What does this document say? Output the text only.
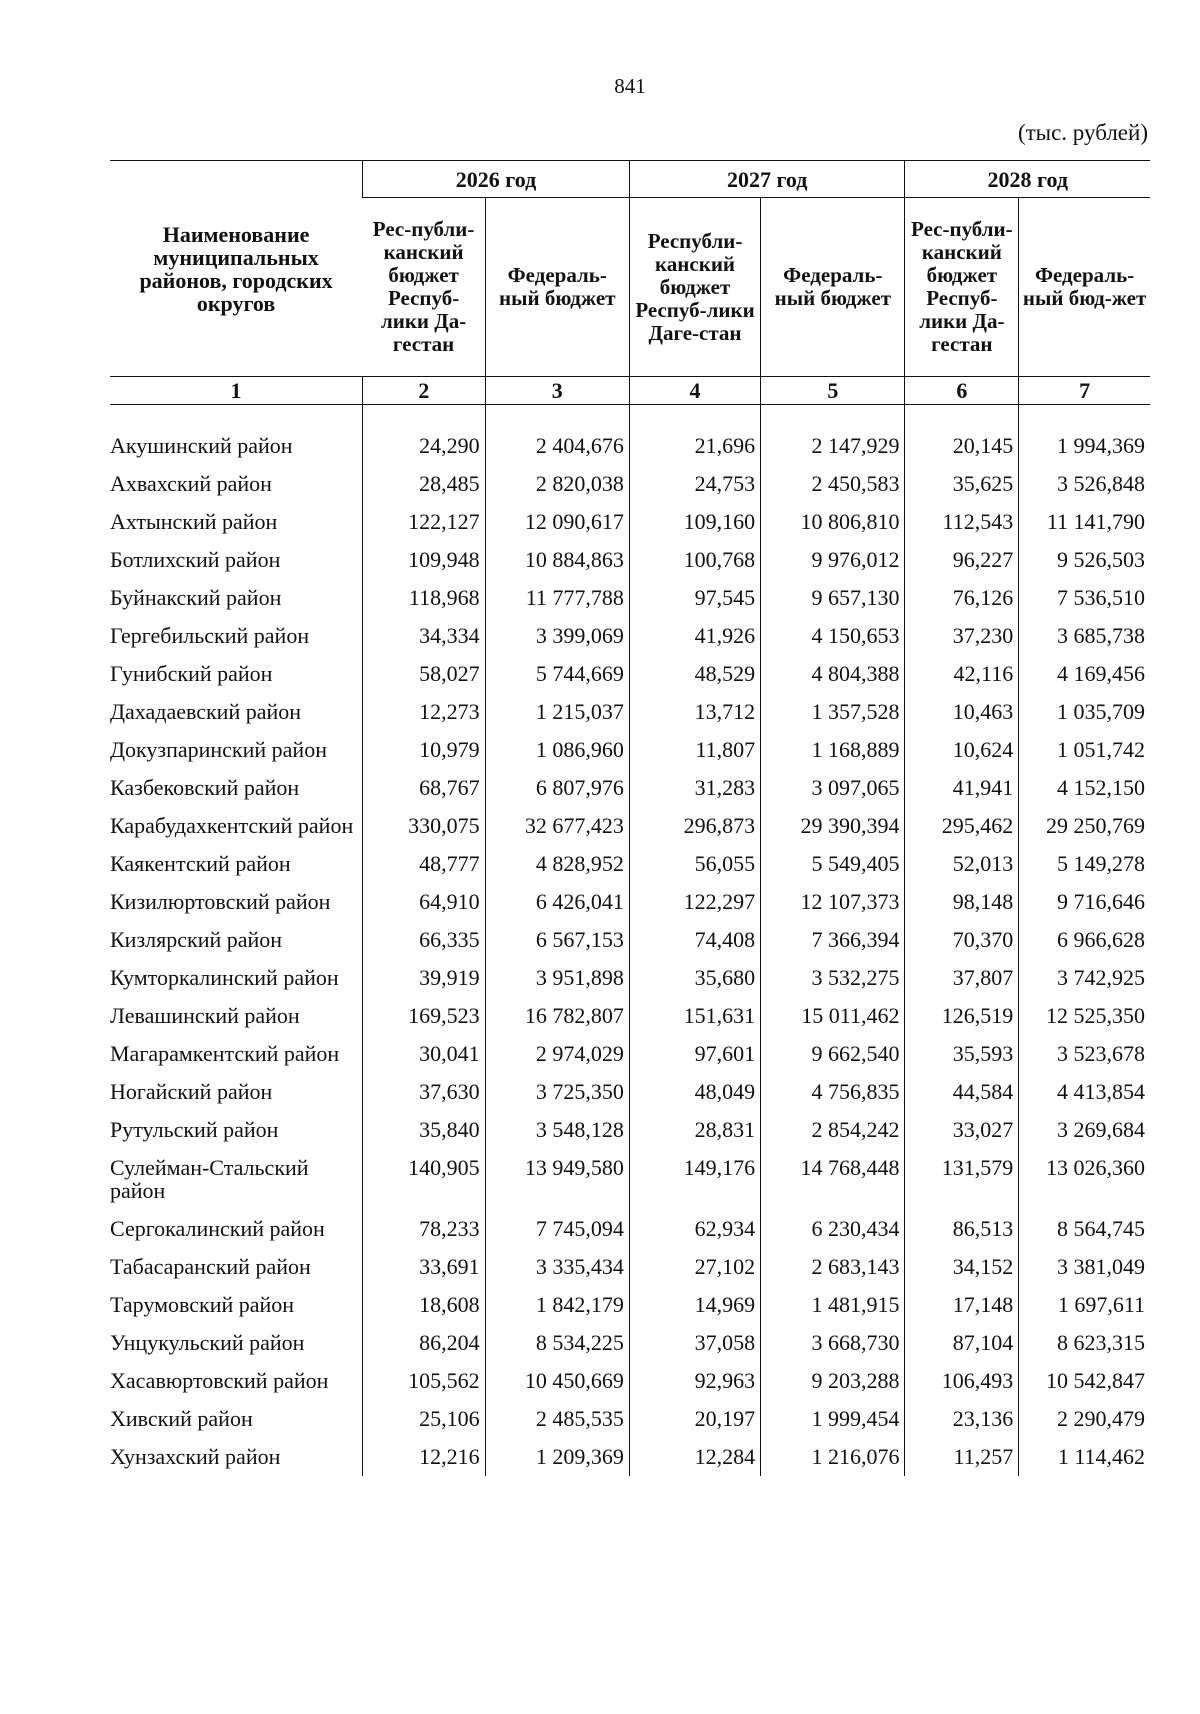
841
(тыс. рублей)
Наименование муниципальных районов, городских округов	2026 год		2027 год		2028 год	
	Рес-публи-канский бюджет Респуб-лики Да-гестан	Федераль-ный бюджет	Республи-канский бюджет Респуб-лики Даге-стан	Федераль-ный бюджет	Рес-публи-канский бюджет Респуб-лики Да-гестан	Федераль-ный бюд-жет
1	2	3	4	5	6	7

Акушинский район	24,290	2 404,676	21,696	2 147,929	20,145	1 994,369
Ахвахский район	28,485	2 820,038	24,753	2 450,583	35,625	3 526,848
Ахтынский район	122,127	12 090,617	109,160	10 806,810	112,543	11 141,790
Ботлихский район	109,948	10 884,863	100,768	9 976,012	96,227	9 526,503
Буйнакский район	118,968	11 777,788	97,545	9 657,130	76,126	7 536,510
Гергебильский район	34,334	3 399,069	41,926	4 150,653	37,230	3 685,738
Гунибский район	58,027	5 744,669	48,529	4 804,388	42,116	4 169,456
Дахадаевский район	12,273	1 215,037	13,712	1 357,528	10,463	1 035,709
Докузпаринский район	10,979	1 086,960	11,807	1 168,889	10,624	1 051,742
Казбековский район	68,767	6 807,976	31,283	3 097,065	41,941	4 152,150
Карабудахкентский район	330,075	32 677,423	296,873	29 390,394	295,462	29 250,769
Каякентский район	48,777	4 828,952	56,055	5 549,405	52,013	5 149,278
Кизилюртовский район	64,910	6 426,041	122,297	12 107,373	98,148	9 716,646
Кизлярский район	66,335	6 567,153	74,408	7 366,394	70,370	6 966,628
Кумторкалинский район	39,919	3 951,898	35,680	3 532,275	37,807	3 742,925
Левашинский район	169,523	16 782,807	151,631	15 011,462	126,519	12 525,350
Магарамкентский район	30,041	2 974,029	97,601	9 662,540	35,593	3 523,678
Ногайский район	37,630	3 725,350	48,049	4 756,835	44,584	4 413,854
Рутульский район	35,840	3 548,128	28,831	2 854,242	33,027	3 269,684
Сулейман-Стальский район	140,905	13 949,580	149,176	14 768,448	131,579	13 026,360
Сергокалинский район	78,233	7 745,094	62,934	6 230,434	86,513	8 564,745
Табасаранский район	33,691	3 335,434	27,102	2 683,143	34,152	3 381,049
Тарумовский район	18,608	1 842,179	14,969	1 481,915	17,148	1 697,611
Унцукульский район	86,204	8 534,225	37,058	3 668,730	87,104	8 623,315
Хасавюртовский район	105,562	10 450,669	92,963	9 203,288	106,493	10 542,847
Хивский район	25,106	2 485,535	20,197	1 999,454	23,136	2 290,479
Хунзахский район	12,216	1 209,369	12,284	1 216,076	11,257	1 114,462
